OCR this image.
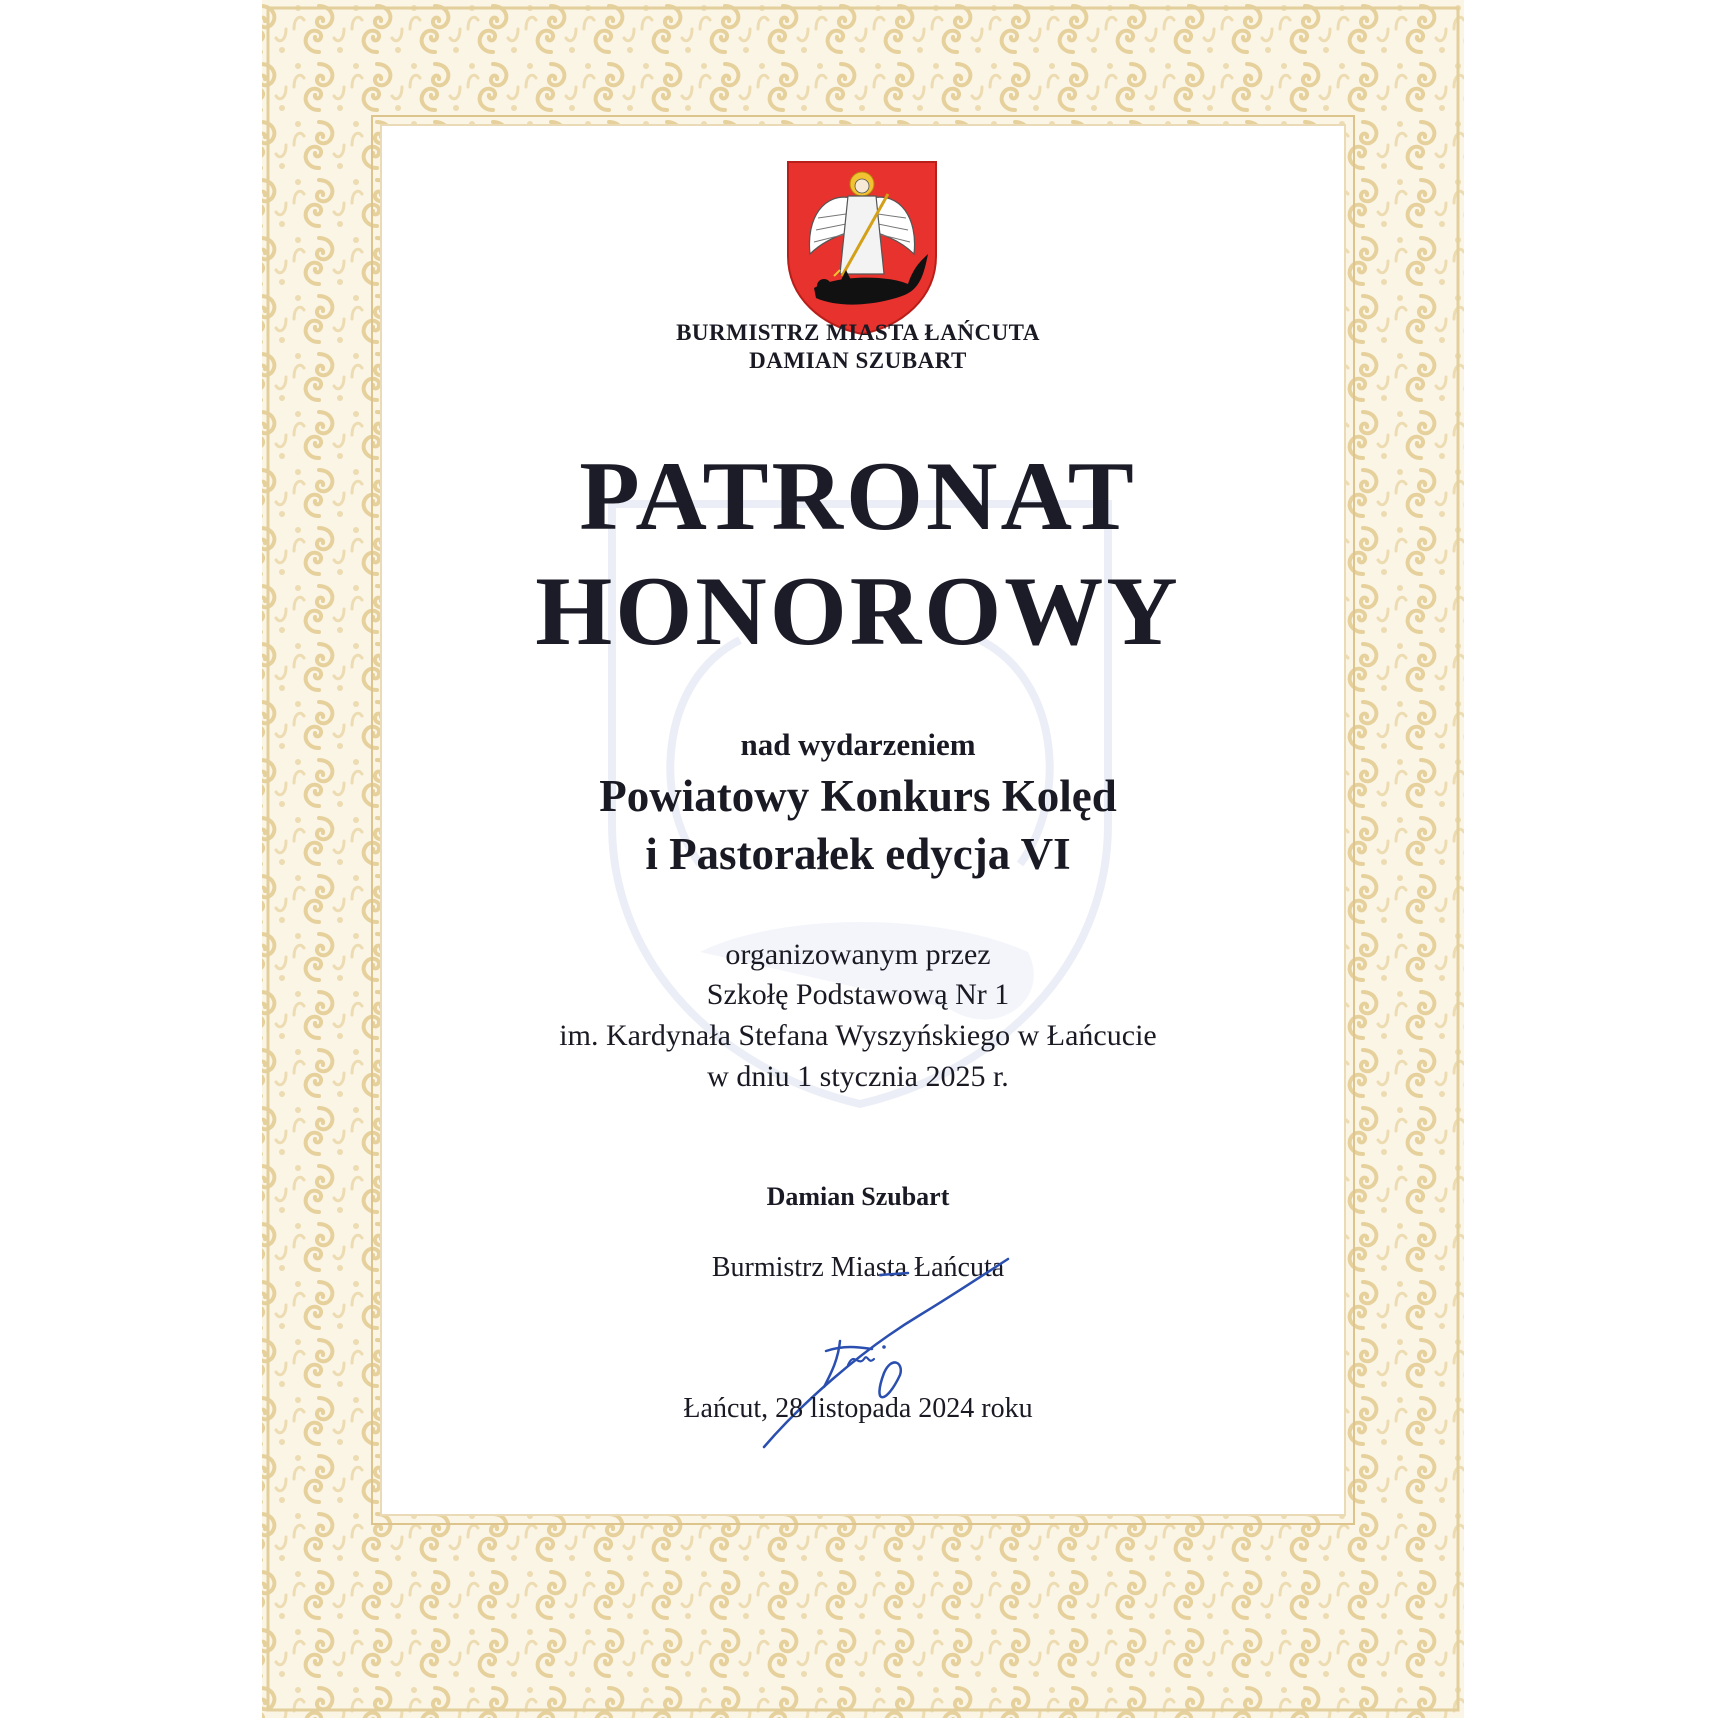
BURMISTRZ MIASTA ŁAŃCUTA
DAMIAN SZUBART
PATRONAT
HONOROWY
nad wydarzeniem
Powiatowy Konkurs Kolęd
i Pastorałek edycja VI
organizowanym przez
Szkołę Podstawową Nr 1
im. Kardynała Stefana Wyszyńskiego w Łańcucie
w dniu 1 stycznia 2025 r.
Damian Szubart
Burmistrz Miasta Łańcuta
Łańcut, 28 listopada 2024 roku
